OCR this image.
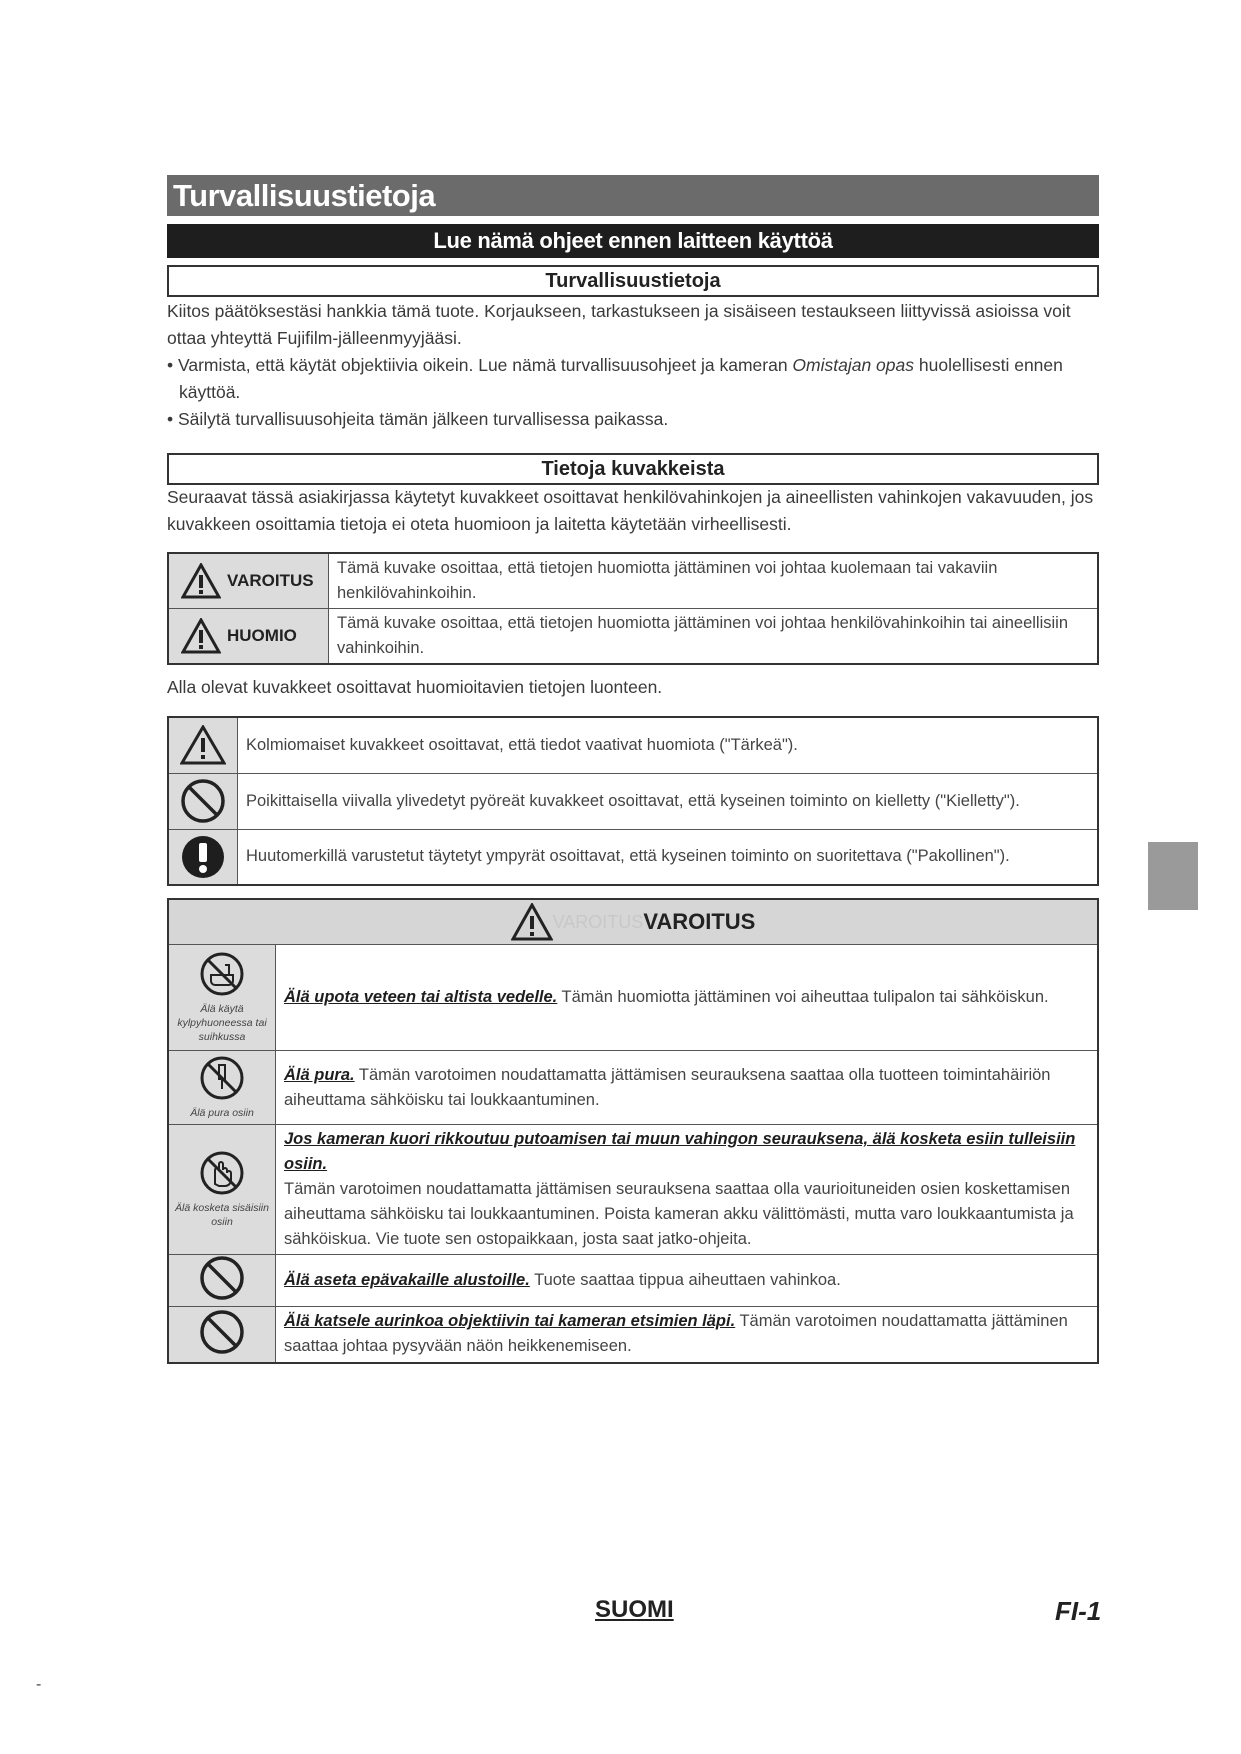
Turvallisuustietoja
Lue nämä ohjeet ennen laitteen käyttöä
Turvallisuustietoja

Kiitos päätöksestäsi hankkia tämä tuote. Korjaukseen, tarkastukseen ja sisäiseen testaukseen liittyvissä asioissa voit ottaa yhteyttä Fujifilm-jälleenmyyjääsi.

• Varmista, että käytät objektiivia oikein. Lue nämä turvallisuusohjeet ja kameran Omistajan opas huolellisesti ennen käyttöä.

• Säilytä turvallisuusohjeita tämän jälkeen turvallisessa paikassa.

Tietoja kuvakkeista
Seuraavat tässä asiakirjassa käytetyt kuvakkeet osoittavat henkilövahinkojen ja aineellisten vahinkojen vakavuuden, jos kuvakkeen osoittamia tietoja ei oteta huomioon ja laitetta käytetään virheellisesti.
VAROITUS	Tämä kuvake osoittaa, että tietojen huomiotta jättäminen voi johtaa kuolemaan tai vakaviin henkilövahinkoihin.
HUOMIO	Tämä kuvake osoittaa, että tietojen huomiotta jättäminen voi johtaa henkilövahinkoihin tai aineellisiin vahinkoihin.
Alla olevat kuvakkeet osoittavat huomioitavien tietojen luonteen.
	Kolmiomaiset kuvakkeet osoittavat, että tiedot vaativat huomiota ("Tärkeä").
	Poikittaisella viivalla ylivedetyt pyöreät kuvakkeet osoittavat, että kyseinen toiminto on kielletty ("Kielletty").
	Huutomerkillä varustetut täytetyt ympyrät osoittavat, että kyseinen toiminto on suoritettava ("Pakollinen").
VAROITUSVAROITUS	

Älä käytä kylpyhuoneessa tai suihkussa	Älä upota veteen tai altista vedelle. Tämän huomiotta jättäminen voi aiheuttaa tulipalon tai sähköiskun.

Älä pura osiin	Älä pura. Tämän varotoimen noudattamatta jättämisen seurauksena saattaa olla tuotteen toimintahäiriön aiheuttama sähköisku tai loukkaantuminen.

Älä kosketa sisäisiin osiin	Jos kameran kuori rikkoutuu putoamisen tai muun vahingon seurauksena, älä kosketa esiin tulleisiin osiin.
Tämän varotoimen noudattamatta jättämisen seurauksena saattaa olla vaurioituneiden osien koskettamisen aiheuttama sähköisku tai loukkaantuminen. Poista kameran akku välittömästi, mutta varo loukkaantumista ja sähköiskua. Vie tuote sen ostopaikkaan, josta saat jatko-ohjeita.
	Älä aseta epävakaille alustoille. Tuote saattaa tippua aiheuttaen vahinkoa.
	Älä katsele aurinkoa objektiivin tai kameran etsimien läpi. Tämän varotoimen noudattamatta jättäminen saattaa johtaa pysyvään näön heikkenemiseen.
SUOMI	FI-1
-
